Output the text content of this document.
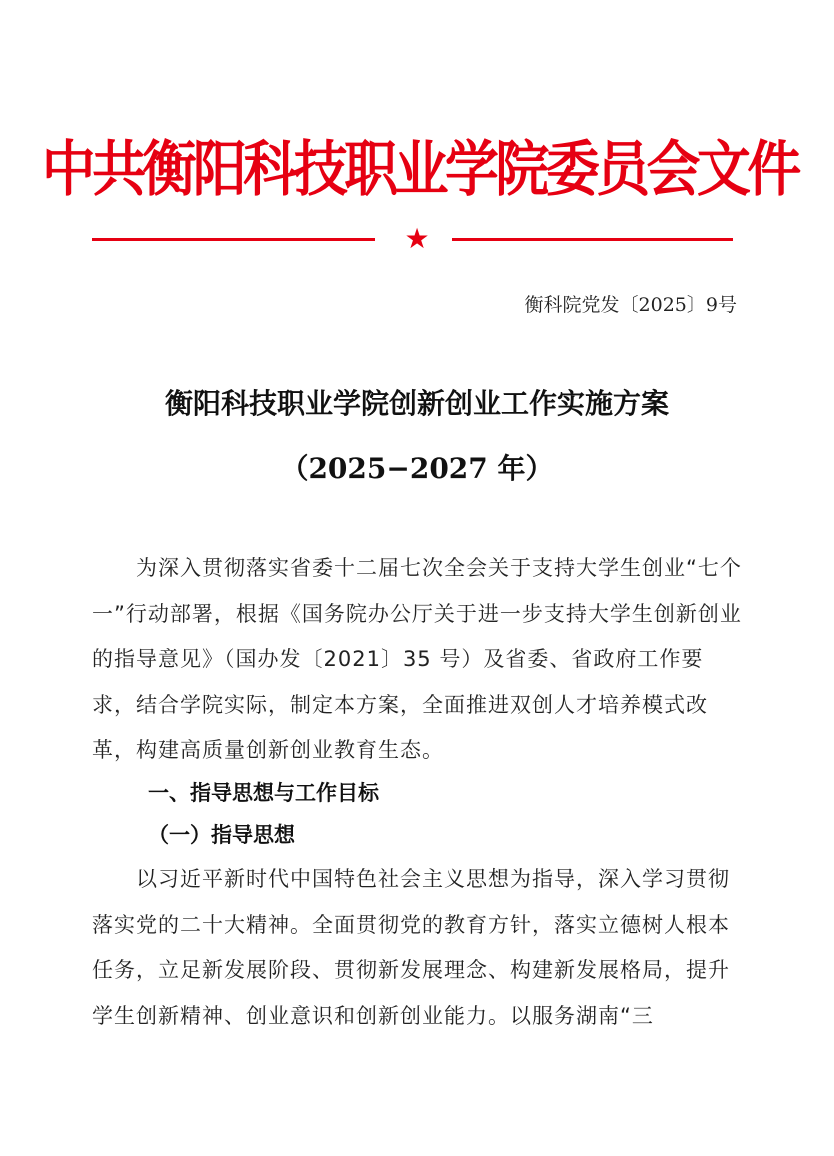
中共衡阳科技职业学院委员会文件
★
衡科院党发〔2025〕9号
衡阳科技职业学院创新创业工作实施方案
（2025−2027 年）
为深入贯彻落实省委十二届七次全会关于支持大学生创业“七个一”行动部署，根据《国务院办公厅关于进一步支持大学生创新创业的指导意见》（国办发〔2021〕35 号）及省委、省政府工作要求，结合学院实际，制定本方案，全面推进双创人才培养模式改革，构建高质量创新创业教育生态。
一、指导思想与工作目标
（一）指导思想
以习近平新时代中国特色社会主义思想为指导，深入学习贯彻落实党的二十大精神。全面贯彻党的教育方针，落实立德树人根本任务，立足新发展阶段、贯彻新发展理念、构建新发展格局，提升学生创新精神、创业意识和创新创业能力。以服务湖南“三
